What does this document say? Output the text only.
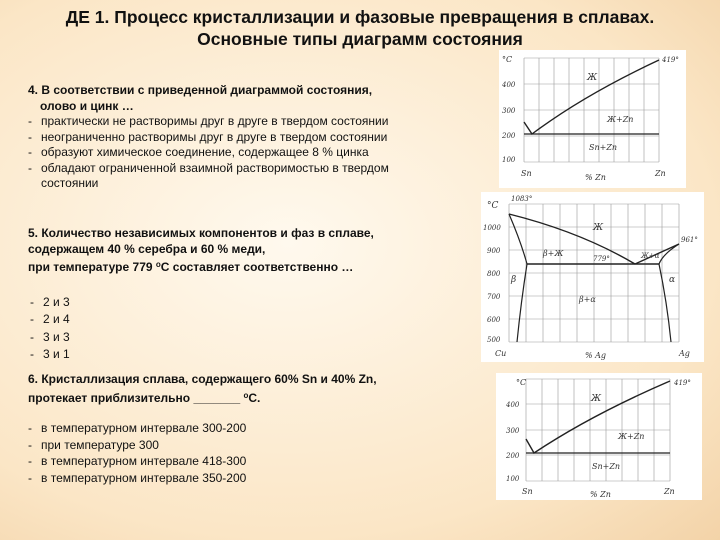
ДЕ 1. Процесс кристаллизации и фазовые превращения в сплавах.
Основные типы диаграмм состояния
4. В соответствии с приведенной диаграммой состояния,
олово и цинк …
- практически не растворимы друг в друге в твердом состоянии
- неограниченно растворимы друг в друге в твердом состоянии
- образуют химическое соединение, содержащее 8 % цинка
- обладают ограниченной взаимной растворимостью в твердом состоянии
5. Количество независимых компонентов и фаз в сплаве,
содержащем 40 % серебра и 60 % меди,
при температуре 779 $^о$С составляет соответственно …
- 2 и 3
- 2 и 4
- 3 и 3
- 3 и 1
6. Кристаллизация сплава, содержащего 60% Sn и 40% Zn,
протекает приблизительно _______ $^о$С.
- в температурном интервале 300-200
- при температуре 300
- в температурном интервале 418-300
- в температурном интервале 350-200
°C
400
300
200
100
Ж
Ж+Zn
Sn+Zn
419°
Sn	% Zn	Zn
°C
1000
900
800
700
600
500
Ж
β+Ж	Ж+α
779°
β	α
β+α
961°
1083°
Cu	% Ag	Ag
°C
400
300
200
100
Ж
Ж+Zn
Sn+Zn
419°
Sn	% Zn	Zn
